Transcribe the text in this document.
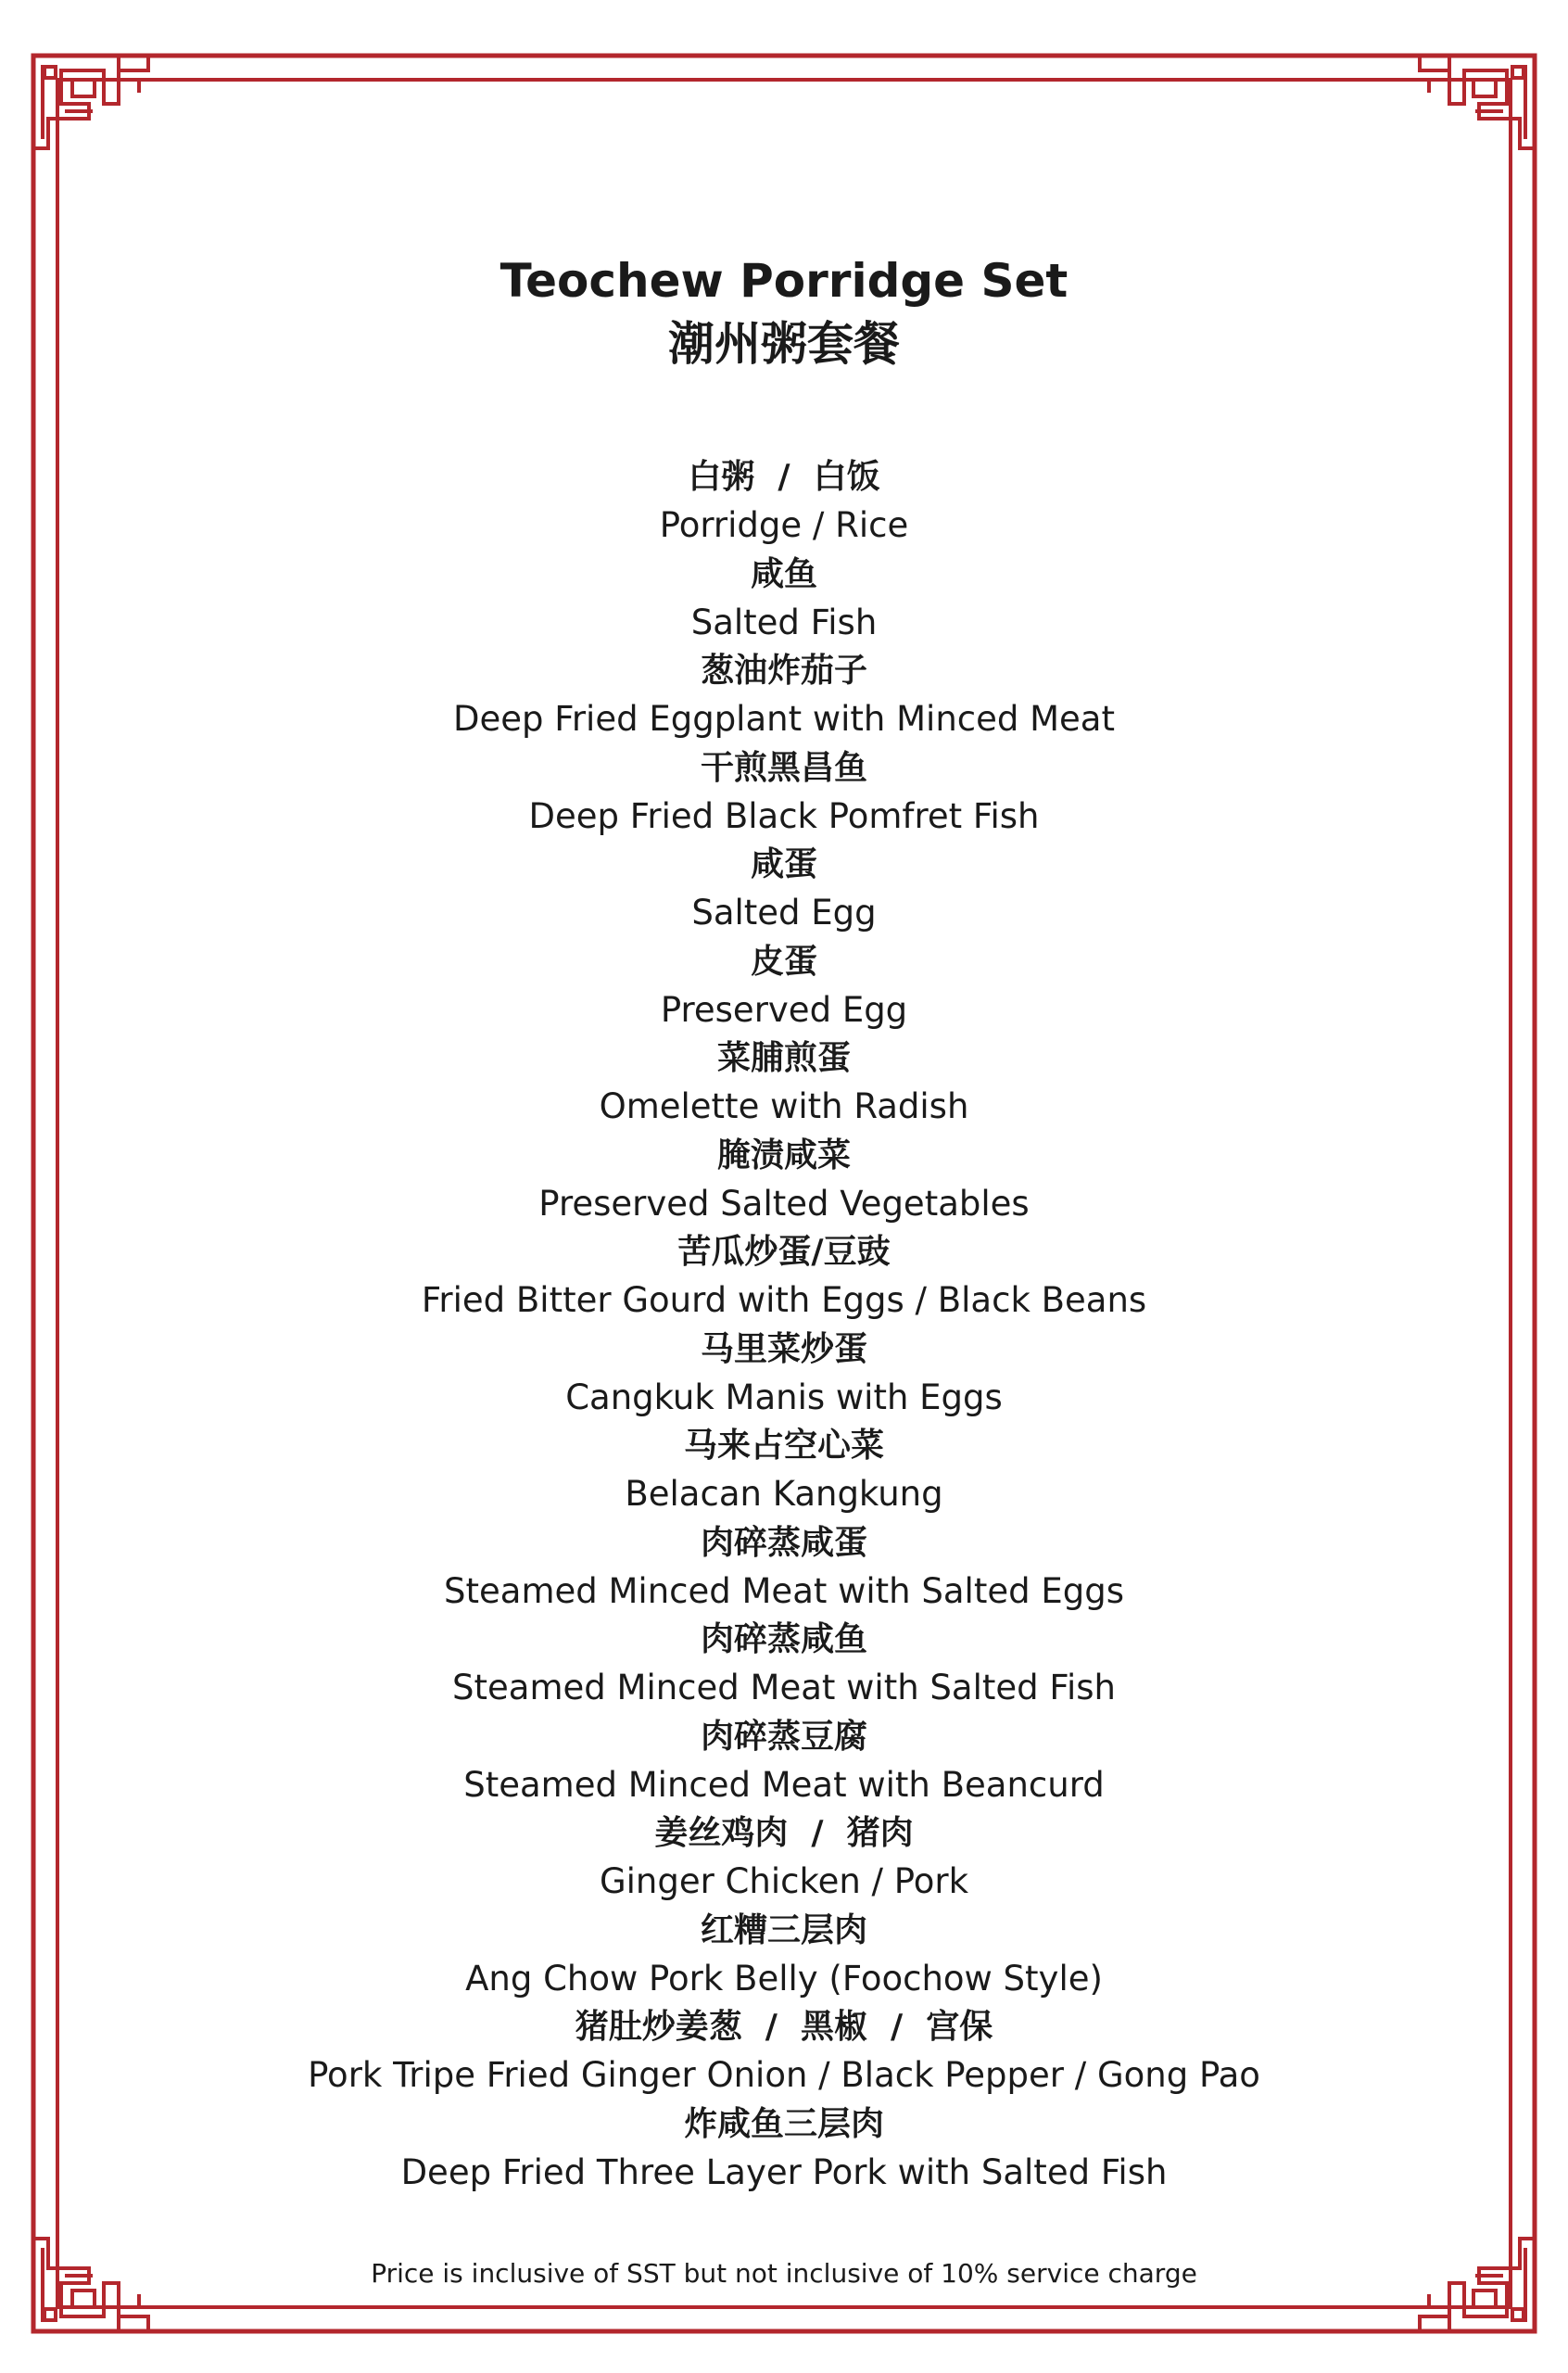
Teochew Porridge Set
潮州粥套餐
白粥  /  白饭
Porridge / Rice
咸鱼
Salted Fish
葱油炸茄子
Deep Fried Eggplant with Minced Meat
干煎黑昌鱼
Deep Fried Black Pomfret Fish
咸蛋
Salted Egg
皮蛋
Preserved Egg
菜脯煎蛋
Omelette with Radish
腌渍咸菜
Preserved Salted Vegetables
苦瓜炒蛋/豆豉
Fried Bitter Gourd with Eggs / Black Beans
马里菜炒蛋
Cangkuk Manis with Eggs
马来占空心菜
Belacan Kangkung
肉碎蒸咸蛋
Steamed Minced Meat with Salted Eggs
肉碎蒸咸鱼
Steamed Minced Meat with Salted Fish
肉碎蒸豆腐
Steamed Minced Meat with Beancurd
姜丝鸡肉  /  猪肉
Ginger Chicken / Pork
红糟三层肉
Ang Chow Pork Belly (Foochow Style)
猪肚炒姜葱  /  黑椒  /  宫保
Pork Tripe Fried Ginger Onion / Black Pepper / Gong Pao
炸咸鱼三层肉
Deep Fried Three Layer Pork with Salted Fish
Price is inclusive of SST but not inclusive of 10% service charge
